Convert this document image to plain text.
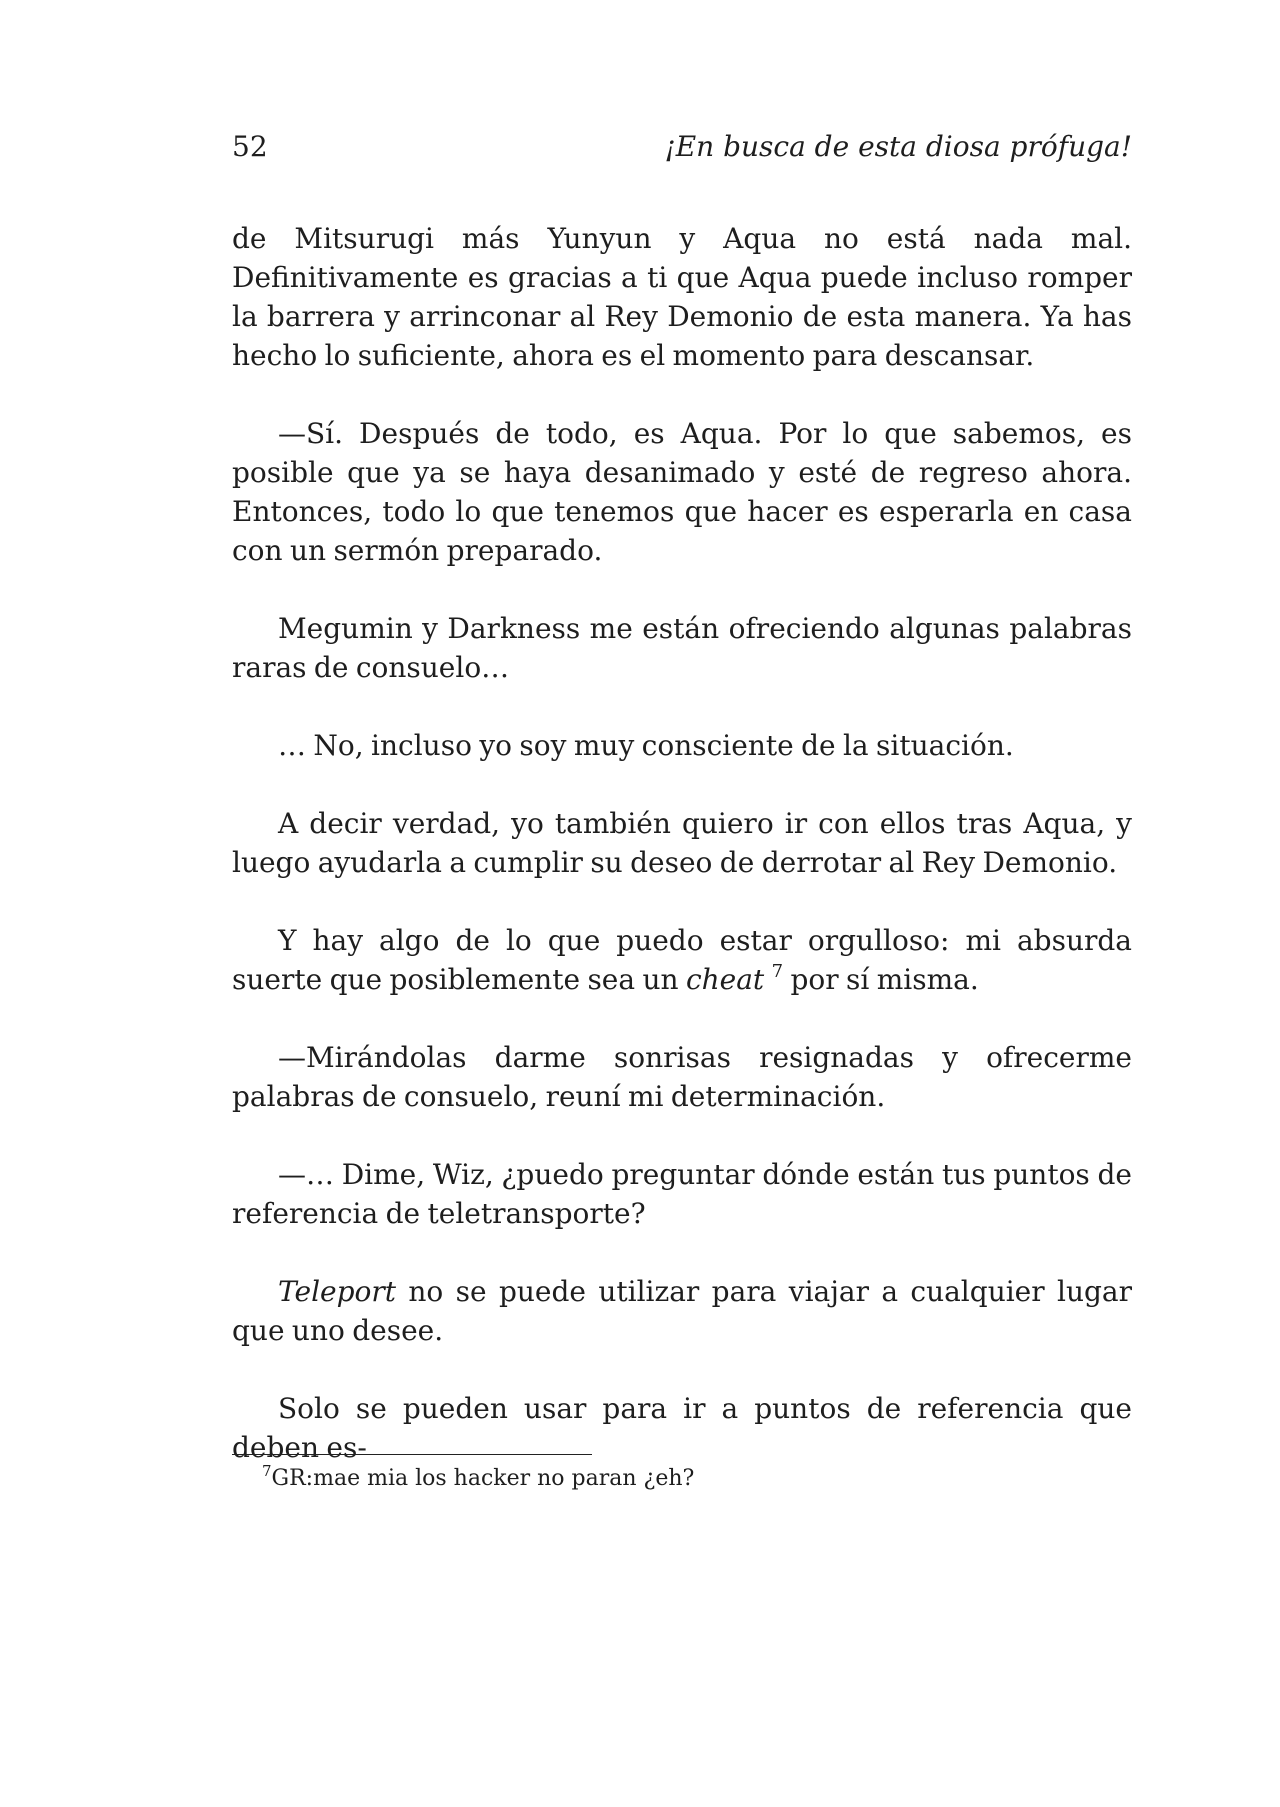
52	¡En busca de esta diosa prófuga!

de Mitsurugi más Yunyun y Aqua no está nada mal. Definitivamente es gracias a ti que Aqua puede incluso romper la barrera y arrinconar al Rey Demonio de esta manera. Ya has hecho lo suficiente, ahora es el momento para descansar.

—Sí. Después de todo, es Aqua. Por lo que sabemos, es posible que ya se haya desanimado y esté de regreso ahora. Entonces, todo lo que tenemos que hacer es esperarla en casa con un sermón preparado.

Megumin y Darkness me están ofreciendo algunas palabras raras de consuelo…

… No, incluso yo soy muy consciente de la situación.

A decir verdad, yo también quiero ir con ellos tras Aqua, y luego ayudarla a cumplir su deseo de derrotar al Rey Demonio.

Y hay algo de lo que puedo estar orgulloso: mi absurda suerte que posiblemente sea un cheat $^7$ por sí misma.

—Mirándolas darme sonrisas resignadas y ofrecerme palabras de consuelo, reuní mi determinación.

—… Dime, Wiz, ¿puedo preguntar dónde están tus puntos de referencia de teletransporte?

Teleport no se puede utilizar para viajar a cualquier lugar que uno desee.

Solo se pueden usar para ir a puntos de referencia que deben es-

$^7$GR:mae mia los hacker no paran ¿eh?
